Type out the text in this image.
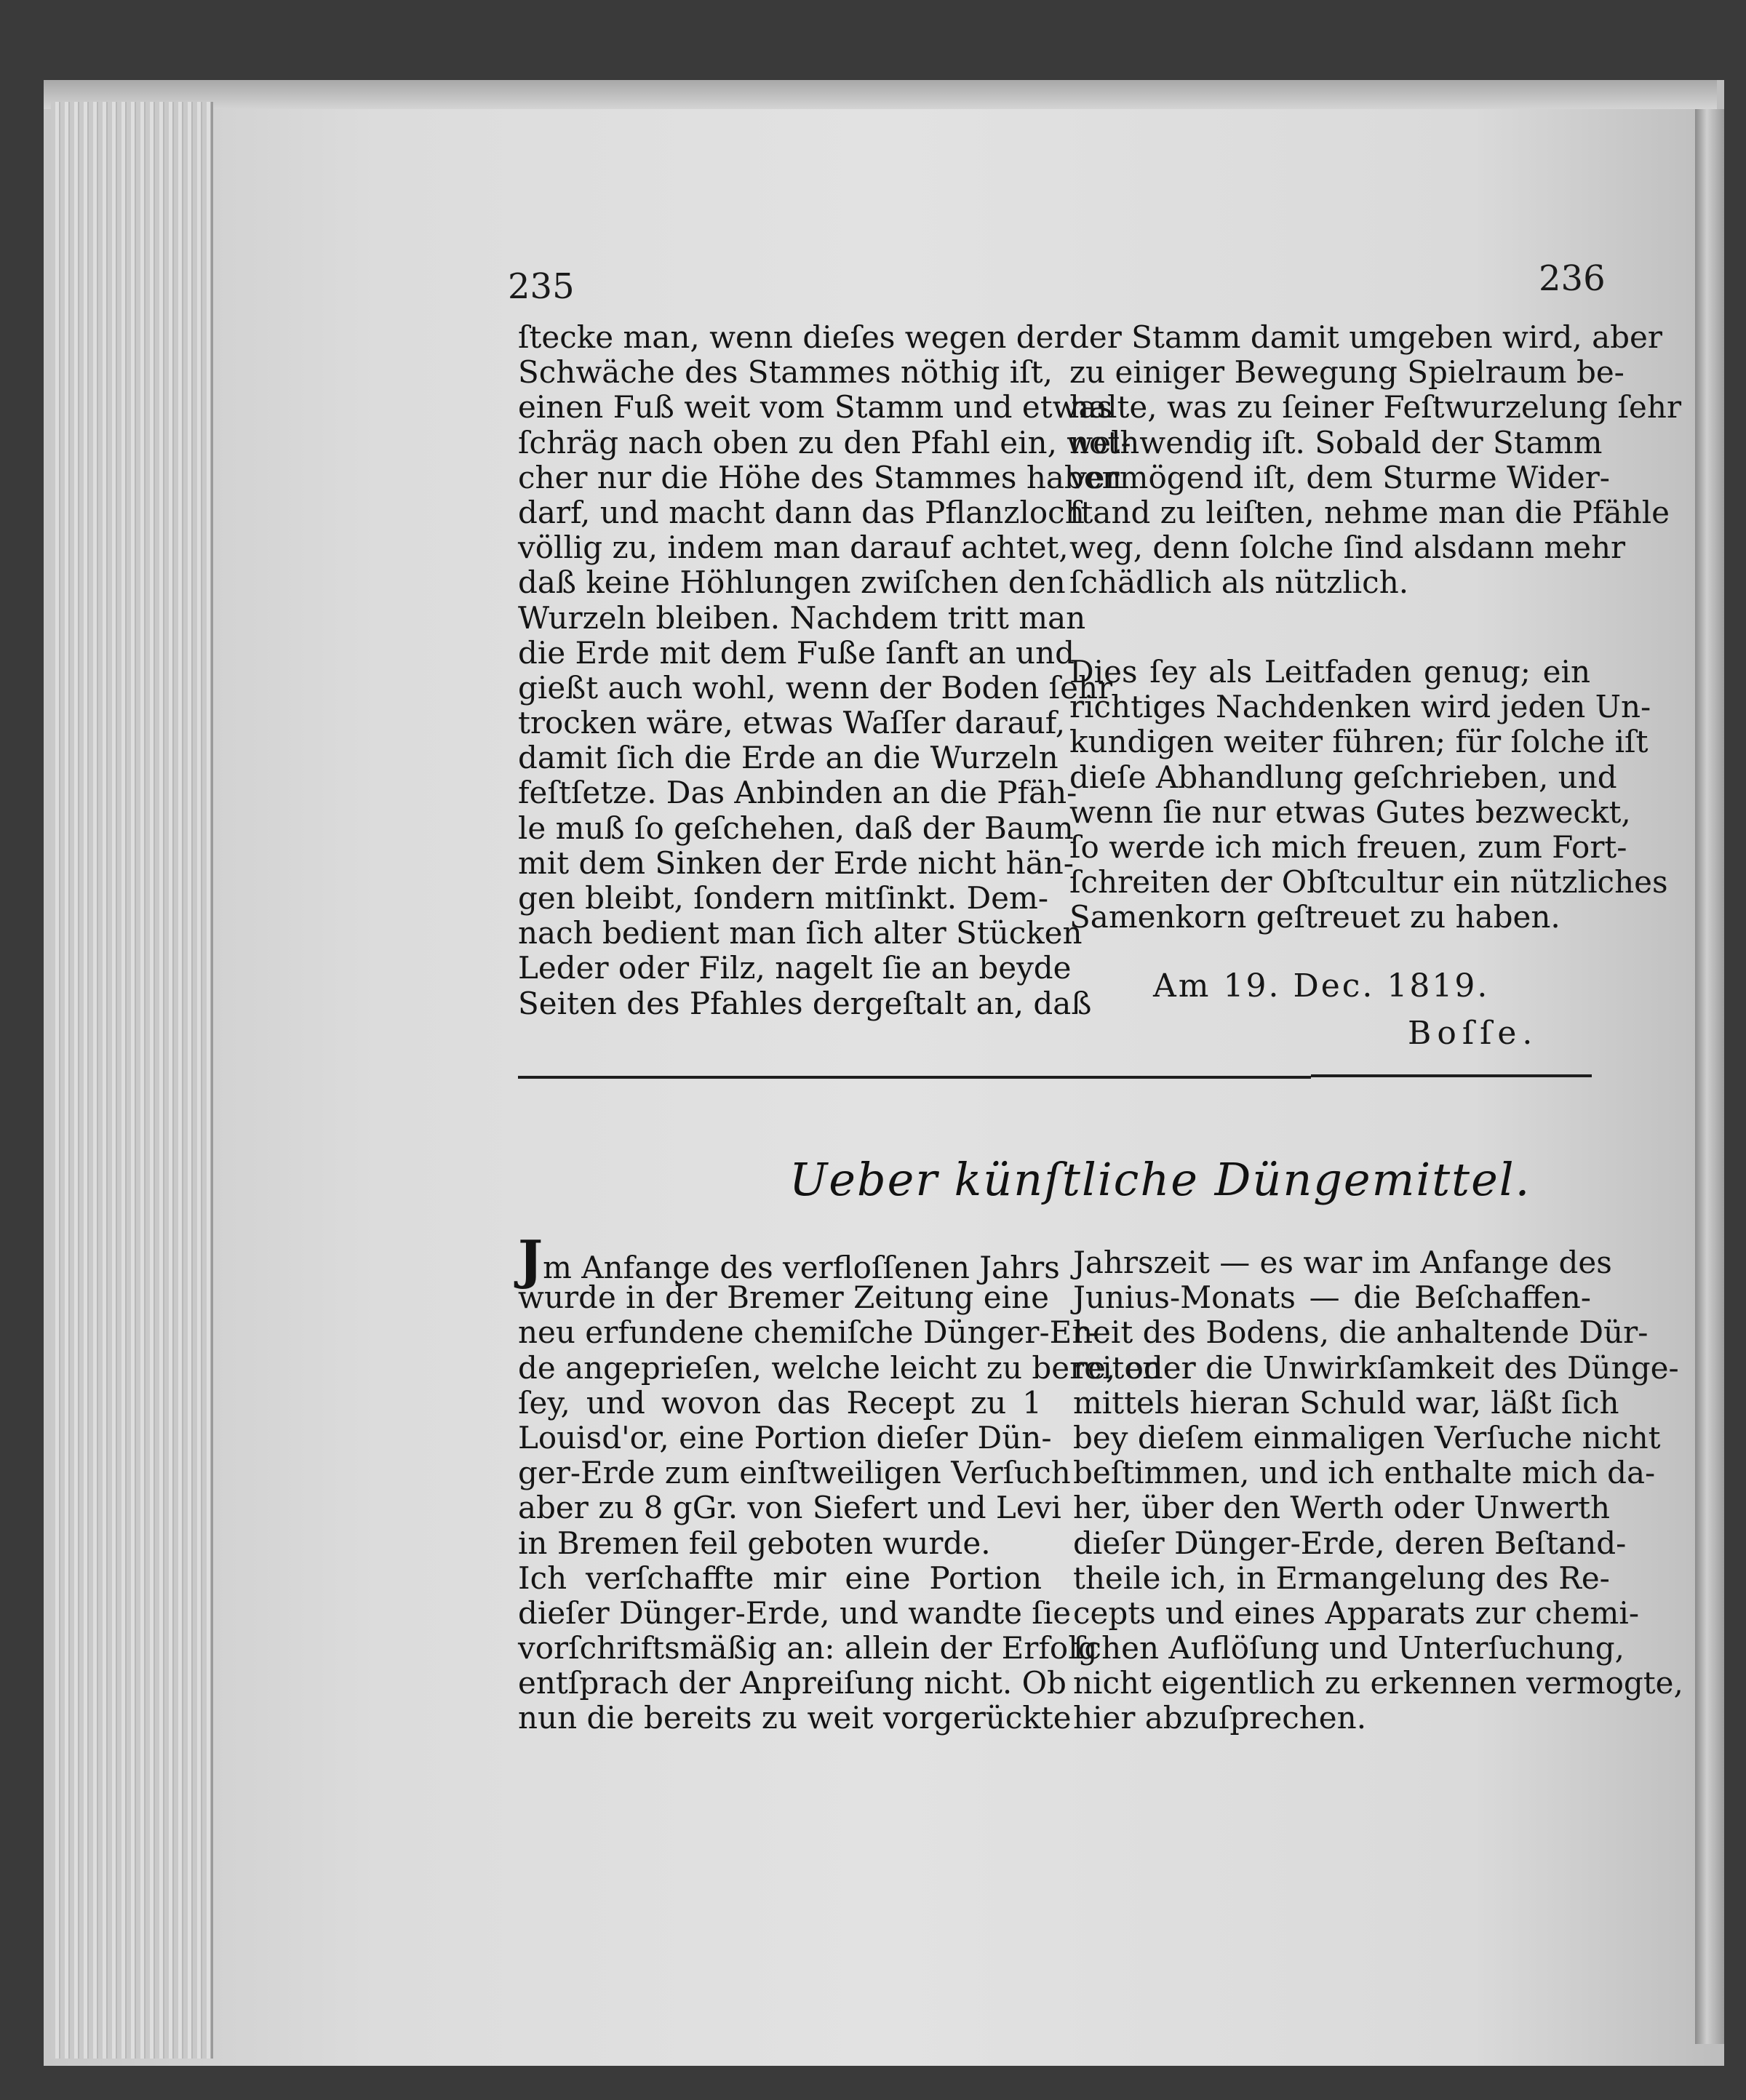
235	236
ſtecke man, wenn dieſes wegen der
Schwäche des Stammes nöthig iſt,
einen Fuß weit vom Stamm und etwas
ſchräg nach oben zu den Pfahl ein, wel-
cher nur die Höhe des Stammes haben
darf, und macht dann das Pflanzloch
völlig zu, indem man darauf achtet,
daß keine Höhlungen zwiſchen den
Wurzeln bleiben. Nachdem tritt man
die Erde mit dem Fuße ſanft an und
gießt auch wohl, wenn der Boden ſehr
trocken wäre, etwas Waſſer darauf,
damit ſich die Erde an die Wurzeln
feſtſetze. Das Anbinden an die Pfäh-
le muß ſo geſchehen, daß der Baum
mit dem Sinken der Erde nicht hän-
gen bleibt, ſondern mitſinkt. Dem-
nach bedient man ſich alter Stücken
Leder oder Filz, nagelt ſie an beyde
Seiten des Pfahles dergeſtalt an, daß
der Stamm damit umgeben wird, aber
zu einiger Bewegung Spielraum be-
halte, was zu ſeiner Feſtwurzelung ſehr
nothwendig iſt. Sobald der Stamm
vermögend iſt, dem Sturme Wider-
ſtand zu leiſten, nehme man die Pfähle
weg, denn ſolche ſind alsdann mehr
ſchädlich als nützlich.
Dies ſey als Leitfaden genug; ein
richtiges Nachdenken wird jeden Un-
kundigen weiter führen; für ſolche iſt
dieſe Abhandlung geſchrieben, und
wenn ſie nur etwas Gutes bezweckt,
ſo werde ich mich freuen, zum Fort-
ſchreiten der Obſtcultur ein nützliches
Samenkorn geſtreuet zu haben.
Am 19. Dec. 1819.
Boſſe.
Ueber künſtliche Düngemittel.
Jm Anfange des verfloſſenen Jahrs
wurde in der Bremer Zeitung eine
neu erfundene chemiſche Dünger-Er-
de angeprieſen, welche leicht zu bereiten
ſey, und wovon das Recept zu 1
Louisd'or, eine Portion dieſer Dün-
ger-Erde zum einſtweiligen Verſuch
aber zu 8 gGr. von Siefert und Levi
in Bremen feil geboten wurde.
Ich verſchaffte mir eine Portion
dieſer Dünger-Erde, und wandte ſie
vorſchriftsmäßig an: allein der Erfolg
entſprach der Anpreiſung nicht. Ob
nun die bereits zu weit vorgerückte
Jahrszeit — es war im Anfange des
Junius-Monats — die Beſchaffen-
heit des Bodens, die anhaltende Dür-
re, oder die Unwirkſamkeit des Dünge-
mittels hieran Schuld war, läßt ſich
bey dieſem einmaligen Verſuche nicht
beſtimmen, und ich enthalte mich da-
her, über den Werth oder Unwerth
dieſer Dünger-Erde, deren Beſtand-
theile ich, in Ermangelung des Re-
cepts und eines Apparats zur chemi-
ſchen Auflöſung und Unterſuchung,
nicht eigentlich zu erkennen vermogte,
hier abzuſprechen.
